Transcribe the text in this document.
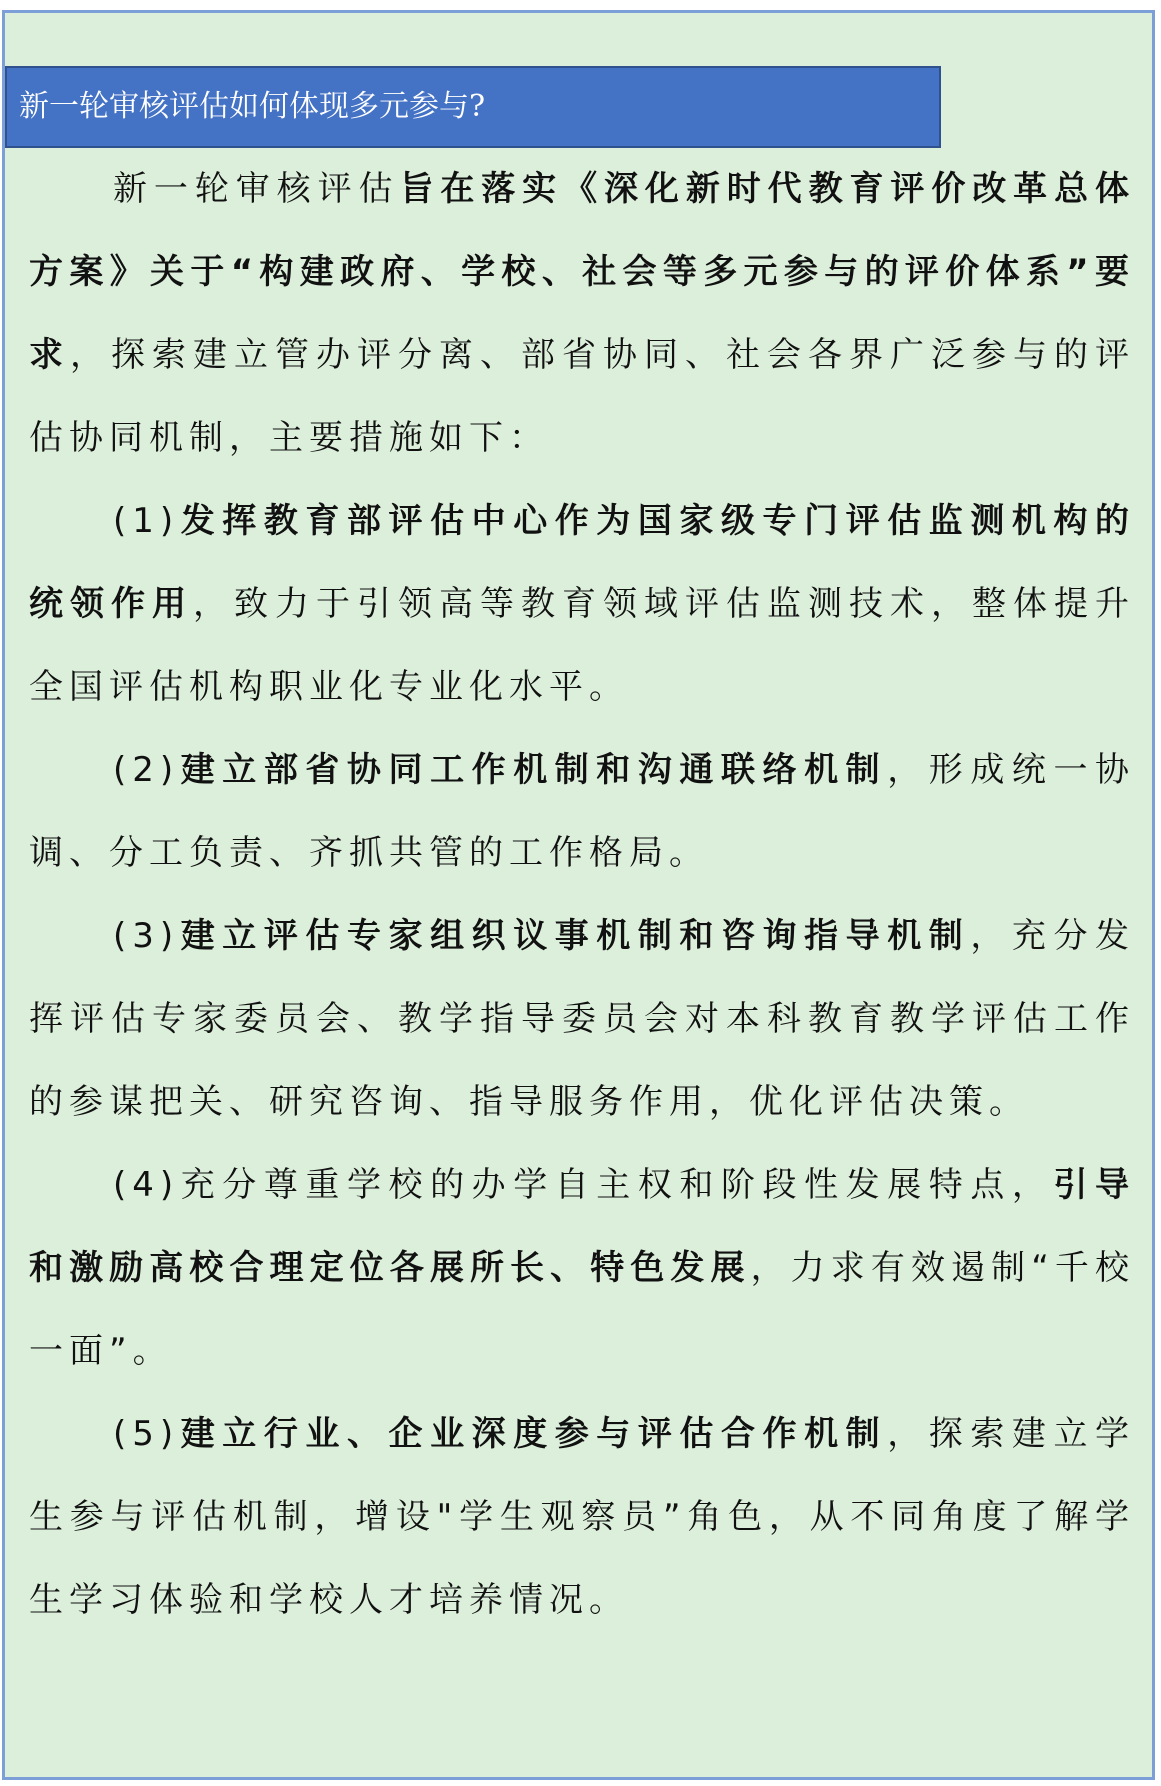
新一轮审核评估如何体现多元参与?

新一轮审核评估旨在落实《深化新时代教育评价改革总体方案》关于“构建政府、学校、社会等多元参与的评价体系”要求，探索建立管办评分离、部省协同、社会各界广泛参与的评估协同机制，主要措施如下：

(1)发挥教育部评估中心作为国家级专门评估监测机构的统领作用，致力于引领高等教育领域评估监测技术，整体提升全国评估机构职业化专业化水平。

(2)建立部省协同工作机制和沟通联络机制，形成统一协调、分工负责、齐抓共管的工作格局。

(3)建立评估专家组织议事机制和咨询指导机制，充分发挥评估专家委员会、教学指导委员会对本科教育教学评估工作的参谋把关、研究咨询、指导服务作用，优化评估决策。

(4)充分尊重学校的办学自主权和阶段性发展特点，引导和激励高校合理定位各展所长、特色发展，力求有效遏制“千校一面”。

(5)建立行业、企业深度参与评估合作机制，探索建立学生参与评估机制，增设"学生观察员”角色，从不同角度了解学生学习体验和学校人才培养情况。
